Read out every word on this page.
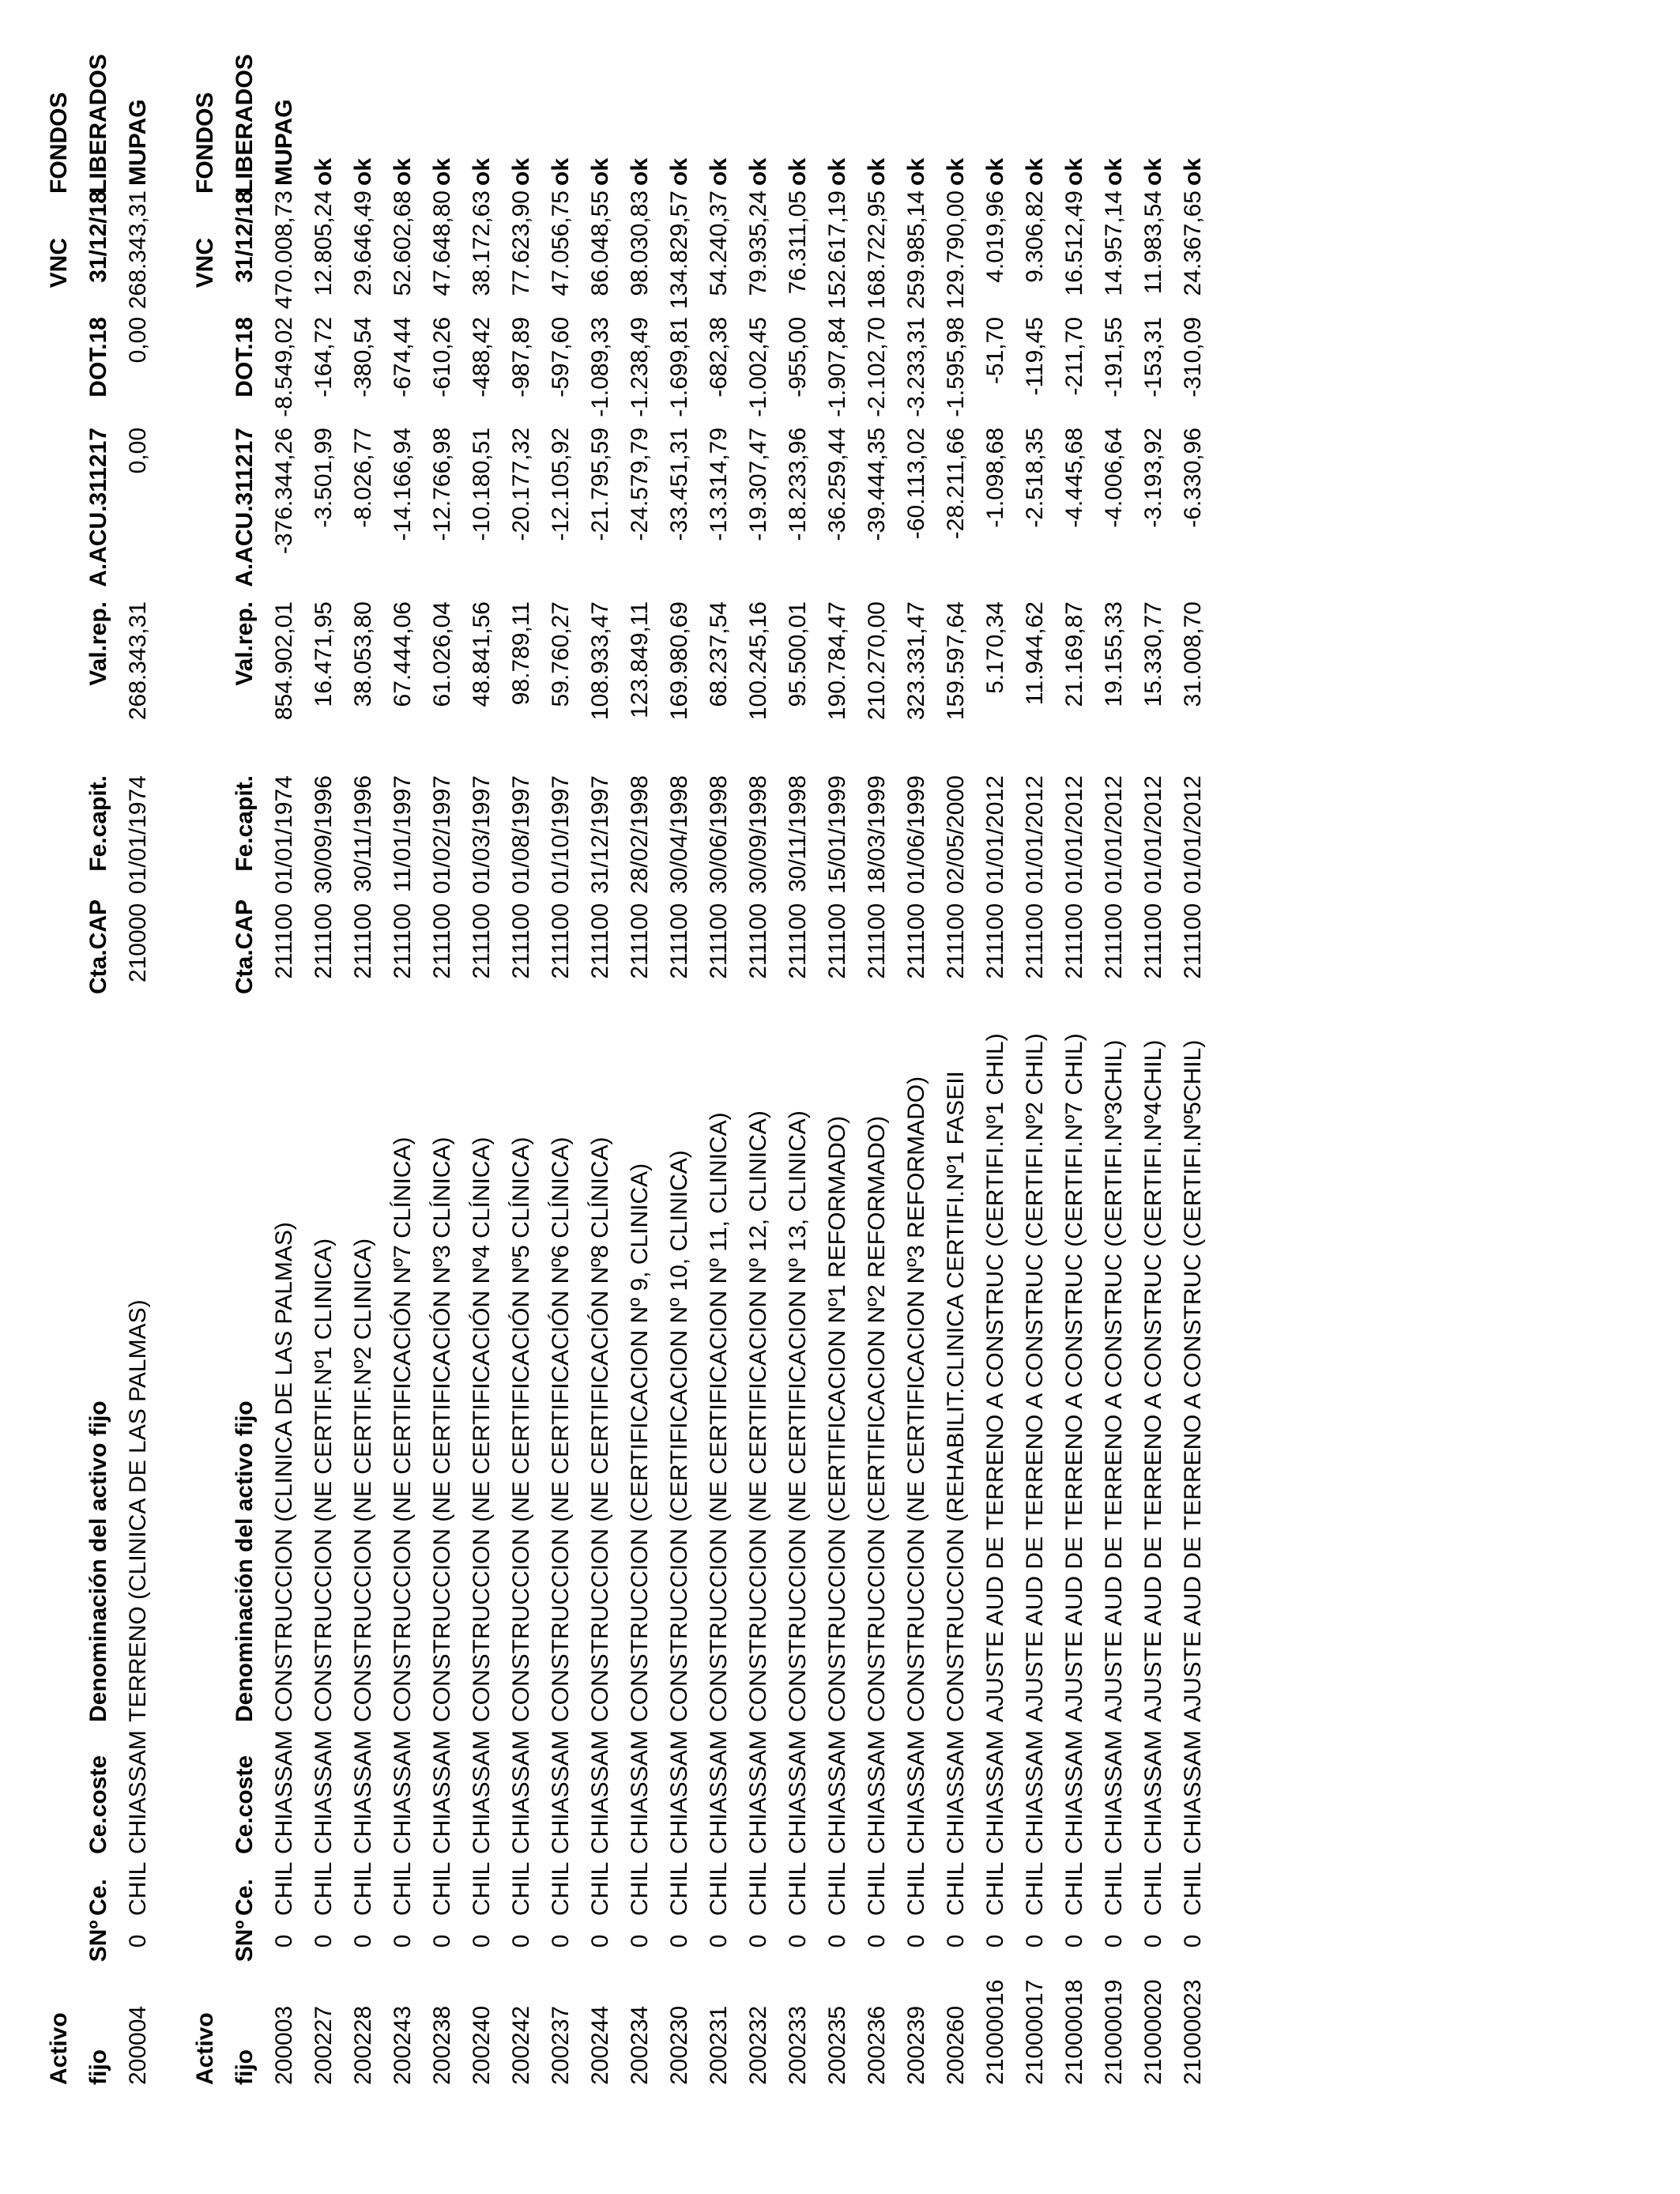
Activo
VNC
FONDOS
fijo
SNº
Ce.
Ce.coste
Denominación del activo fijo
Cta.CAP
Fe.capit.
Val.rep.
A.ACU.311217
DOT.18
31/12/18
LIBERADOS
200004
0
CHIL
CHIASSAM
TERRENO (CLINICA DE LAS PALMAS)
210000
01/01/1974
268.343,31
0,00
0,00
268.343,31
MUPAG
Activo
VNC
FONDOS
fijo
SNº
Ce.
Ce.coste
Denominación del activo fijo
Cta.CAP
Fe.capit.
Val.rep.
A.ACU.311217
DOT.18
31/12/18
LIBERADOS
200003
0
CHIL
CHIASSAM
CONSTRUCCION (CLINICA DE LAS PALMAS)
211100
01/01/1974
854.902,01
-376.344,26
-8.549,02
470.008,73
MUPAG
200227
0
CHIL
CHIASSAM
CONSTRUCCION (NE CERTIF.Nº1 CLINICA)
211100
30/09/1996
16.471,95
-3.501,99
-164,72
12.805,24
ok
200228
0
CHIL
CHIASSAM
CONSTRUCCION (NE CERTIF.Nº2 CLINICA)
211100
30/11/1996
38.053,80
-8.026,77
-380,54
29.646,49
ok
200243
0
CHIL
CHIASSAM
CONSTRUCCION (NE CERTIFICACIÓN Nº7 CLÍNICA)
211100
11/01/1997
67.444,06
-14.166,94
-674,44
52.602,68
ok
200238
0
CHIL
CHIASSAM
CONSTRUCCION (NE CERTIFICACIÓN Nº3 CLÍNICA)
211100
01/02/1997
61.026,04
-12.766,98
-610,26
47.648,80
ok
200240
0
CHIL
CHIASSAM
CONSTRUCCION (NE CERTIFICACIÓN Nº4 CLÍNICA)
211100
01/03/1997
48.841,56
-10.180,51
-488,42
38.172,63
ok
200242
0
CHIL
CHIASSAM
CONSTRUCCION (NE CERTIFICACIÓN Nº5 CLÍNICA)
211100
01/08/1997
98.789,11
-20.177,32
-987,89
77.623,90
ok
200237
0
CHIL
CHIASSAM
CONSTRUCCION (NE CERTIFICACIÓN Nº6 CLÍNICA)
211100
01/10/1997
59.760,27
-12.105,92
-597,60
47.056,75
ok
200244
0
CHIL
CHIASSAM
CONSTRUCCION (NE CERTIFICACIÓN Nº8 CLÍNICA)
211100
31/12/1997
108.933,47
-21.795,59
-1.089,33
86.048,55
ok
200234
0
CHIL
CHIASSAM
CONSTRUCCION (CERTIFICACION Nº 9, CLINICA)
211100
28/02/1998
123.849,11
-24.579,79
-1.238,49
98.030,83
ok
200230
0
CHIL
CHIASSAM
CONSTRUCCION (CERTIFICACION Nº 10, CLINICA)
211100
30/04/1998
169.980,69
-33.451,31
-1.699,81
134.829,57
ok
200231
0
CHIL
CHIASSAM
CONSTRUCCION (NE CERTIFICACION Nº 11, CLINICA)
211100
30/06/1998
68.237,54
-13.314,79
-682,38
54.240,37
ok
200232
0
CHIL
CHIASSAM
CONSTRUCCION (NE CERTIFICACION Nº 12, CLINICA)
211100
30/09/1998
100.245,16
-19.307,47
-1.002,45
79.935,24
ok
200233
0
CHIL
CHIASSAM
CONSTRUCCION (NE CERTIFICACION Nº 13, CLINICA)
211100
30/11/1998
95.500,01
-18.233,96
-955,00
76.311,05
ok
200235
0
CHIL
CHIASSAM
CONSTRUCCION (CERTIFICACION Nº1 REFORMADO)
211100
15/01/1999
190.784,47
-36.259,44
-1.907,84
152.617,19
ok
200236
0
CHIL
CHIASSAM
CONSTRUCCION (CERTIFICACION Nº2 REFORMADO)
211100
18/03/1999
210.270,00
-39.444,35
-2.102,70
168.722,95
ok
200239
0
CHIL
CHIASSAM
CONSTRUCCION (NE CERTIFICACION Nº3 REFORMADO)
211100
01/06/1999
323.331,47
-60.113,02
-3.233,31
259.985,14
ok
200260
0
CHIL
CHIASSAM
CONSTRUCCION (REHABILIT.CLINICA CERTIFI.Nº1 FASEII
211100
02/05/2000
159.597,64
-28.211,66
-1.595,98
129.790,00
ok
21000016
0
CHIL
CHIASSAM
AJUSTE AUD DE TERRENO A CONSTRUC (CERTIFI.Nº1 CHIL)
211100
01/01/2012
5.170,34
-1.098,68
-51,70
4.019,96
ok
21000017
0
CHIL
CHIASSAM
AJUSTE AUD DE TERRENO A CONSTRUC (CERTIFI.Nº2 CHIL)
211100
01/01/2012
11.944,62
-2.518,35
-119,45
9.306,82
ok
21000018
0
CHIL
CHIASSAM
AJUSTE AUD DE TERRENO A CONSTRUC (CERTIFI.Nº7 CHIL)
211100
01/01/2012
21.169,87
-4.445,68
-211,70
16.512,49
ok
21000019
0
CHIL
CHIASSAM
AJUSTE AUD DE TERRENO A CONSTRUC (CERTIFI.Nº3CHIL)
211100
01/01/2012
19.155,33
-4.006,64
-191,55
14.957,14
ok
21000020
0
CHIL
CHIASSAM
AJUSTE AUD DE TERRENO A CONSTRUC (CERTIFI.Nº4CHIL)
211100
01/01/2012
15.330,77
-3.193,92
-153,31
11.983,54
ok
21000023
0
CHIL
CHIASSAM
AJUSTE AUD DE TERRENO A CONSTRUC (CERTIFI.Nº5CHIL)
211100
01/01/2012
31.008,70
-6.330,96
-310,09
24.367,65
ok
